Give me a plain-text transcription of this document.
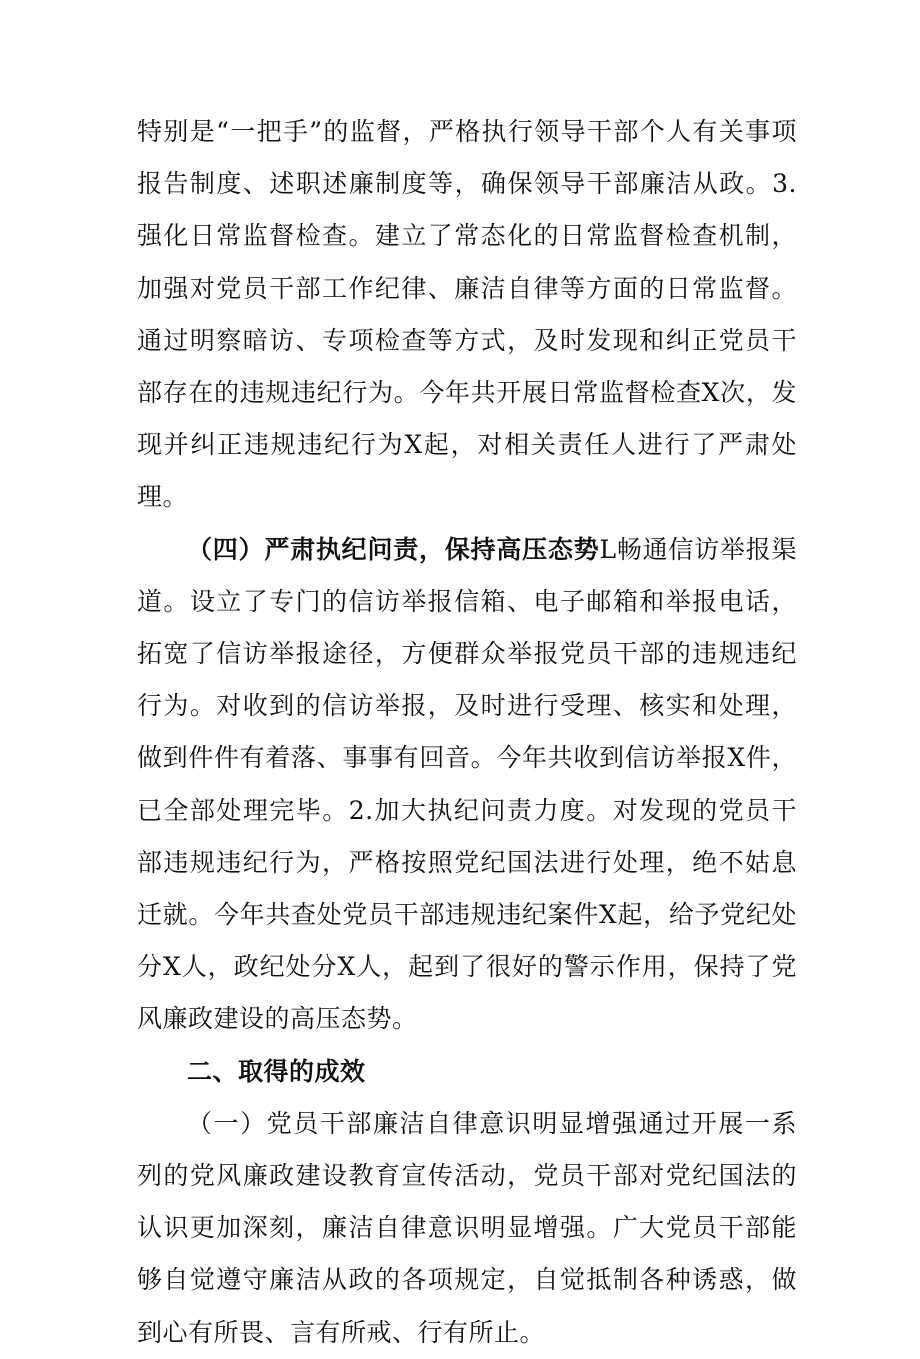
特别是“一把手”的监督，严格执行领导干部个人有关事项报告制度、述职述廉制度等，确保领导干部廉洁从政。3.强化日常监督检查。建立了常态化的日常监督检查机制，加强对党员干部工作纪律、廉洁自律等方面的日常监督。通过明察暗访、专项检查等方式，及时发现和纠正党员干部存在的违规违纪行为。今年共开展日常监督检查X次，发现并纠正违规违纪行为X起，对相关责任人进行了严肃处理。

（四）严肃执纪问责，保持高压态势L畅通信访举报渠道。设立了专门的信访举报信箱、电子邮箱和举报电话，拓宽了信访举报途径，方便群众举报党员干部的违规违纪行为。对收到的信访举报，及时进行受理、核实和处理，做到件件有着落、事事有回音。今年共收到信访举报X件，已全部处理完毕。2.加大执纪问责力度。对发现的党员干部违规违纪行为，严格按照党纪国法进行处理，绝不姑息迁就。今年共查处党员干部违规违纪案件X起，给予党纪处分X人，政纪处分X人，起到了很好的警示作用，保持了党风廉政建设的高压态势。

二、取得的成效

（一）党员干部廉洁自律意识明显增强通过开展一系列的党风廉政建设教育宣传活动，党员干部对党纪国法的认识更加深刻，廉洁自律意识明显增强。广大党员干部能够自觉遵守廉洁从政的各项规定，自觉抵制各种诱惑，做到心有所畏、言有所戒、行有所止。
